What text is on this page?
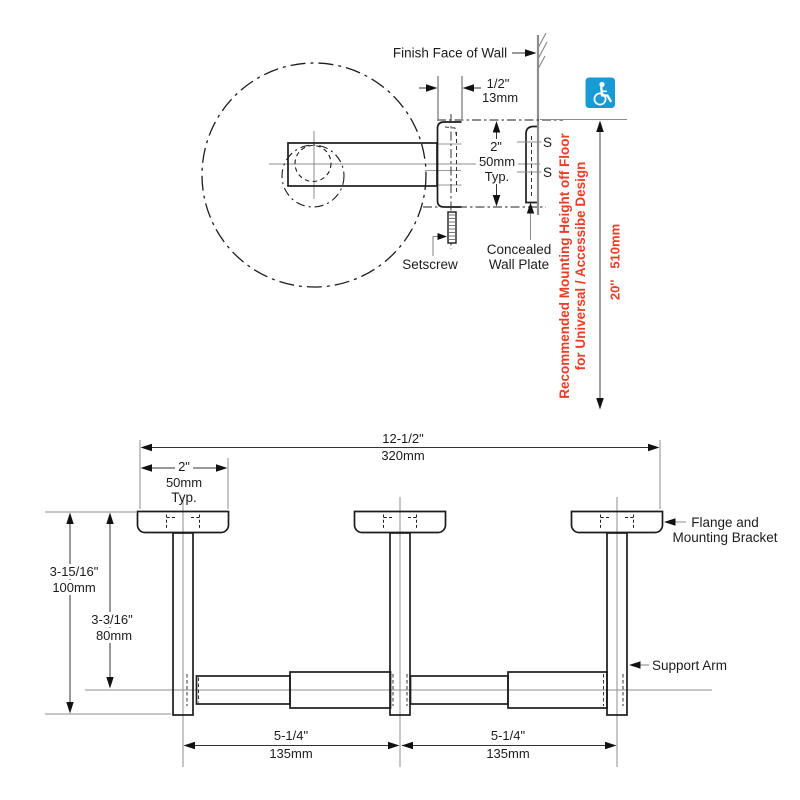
Finish Face of Wall
1/2"
13mm
2"
50mm
Typ.
S
S
Setscrew
Concealed
Wall Plate Recommended Mounting Height off Floor for Universal / Accessibe Design 20''   510mm
12-1/2"
320mm
2"
50mm
Typ.
3-15/16"
100mm
3-3/16"
80mm
5-1/4"
135mm
5-1/4"
135mm
Flange and
Mounting Bracket
Support Arm
